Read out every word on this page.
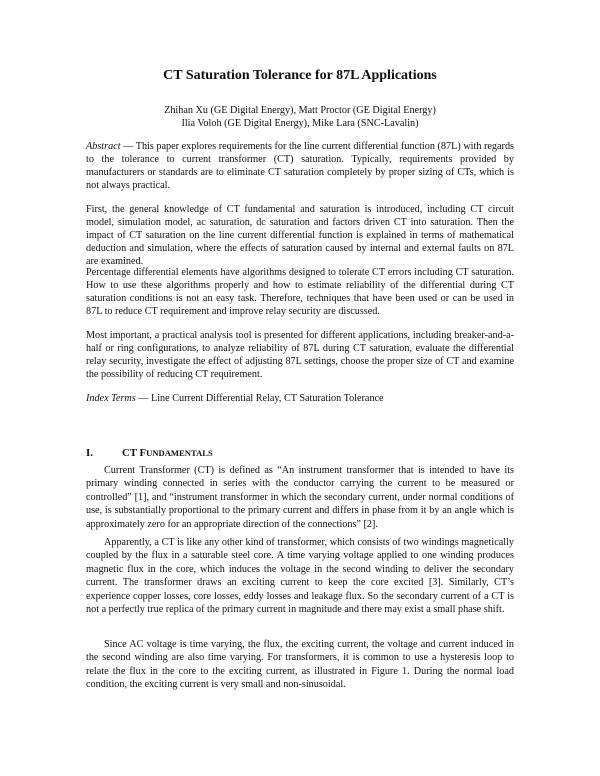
CT Saturation Tolerance for 87L Applications
Zhihan Xu (GE Digital Energy), Matt Proctor (GE Digital Energy)
Ilia Voloh (GE Digital Energy), Mike Lara (SNC-Lavalin)
Abstract — This paper explores requirements for the line current differential function (87L) with regards to the tolerance to current transformer (CT) saturation. Typically, requirements provided by manufacturers or standards are to eliminate CT saturation completely by proper sizing of CTs, which is not always practical.
First, the general knowledge of CT fundamental and saturation is introduced, including CT circuit model, simulation model, ac saturation, dc saturation and factors driven CT into saturation. Then the impact of CT saturation on the line current differential function is explained in terms of mathematical deduction and simulation, where the effects of saturation caused by internal and external faults on 87L are examined.
Percentage differential elements have algorithms designed to tolerate CT errors including CT saturation. How to use these algorithms properly and how to estimate reliability of the differential during CT saturation conditions is not an easy task. Therefore, techniques that have been used or can be used in 87L to reduce CT requirement and improve relay security are discussed.
Most important, a practical analysis tool is presented for different applications, including breaker-and-a-half or ring configurations, to analyze reliability of 87L during CT saturation, evaluate the differential relay security, investigate the effect of adjusting 87L settings, choose the proper size of CT and examine the possibility of reducing CT requirement.
Index Terms — Line Current Differential Relay, CT Saturation Tolerance
I.	CT FUNDAMENTALS
Current Transformer (CT) is defined as “An instrument transformer that is intended to have its primary winding connected in series with the conductor carrying the current to be measured or controlled” [1], and “instrument transformer in which the secondary current, under normal conditions of use, is substantially proportional to the primary current and differs in phase from it by an angle which is approximately zero for an appropriate direction of the connections” [2].
Apparently, a CT is like any other kind of transformer, which consists of two windings magnetically coupled by the flux in a saturable steel core. A time varying voltage applied to one winding produces magnetic flux in the core, which induces the voltage in the second winding to deliver the secondary current. The transformer draws an exciting current to keep the core excited [3]. Similarly, CT’s experience copper losses, core losses, eddy losses and leakage flux. So the secondary current of a CT is not a perfectly true replica of the primary current in magnitude and there may exist a small phase shift.
Since AC voltage is time varying, the flux, the exciting current, the voltage and current induced in the second winding are also time varying. For transformers, it is common to use a hysteresis loop to relate the flux in the core to the exciting current, as illustrated in Figure 1. During the normal load condition, the exciting current is very small and non-sinusoidal.
